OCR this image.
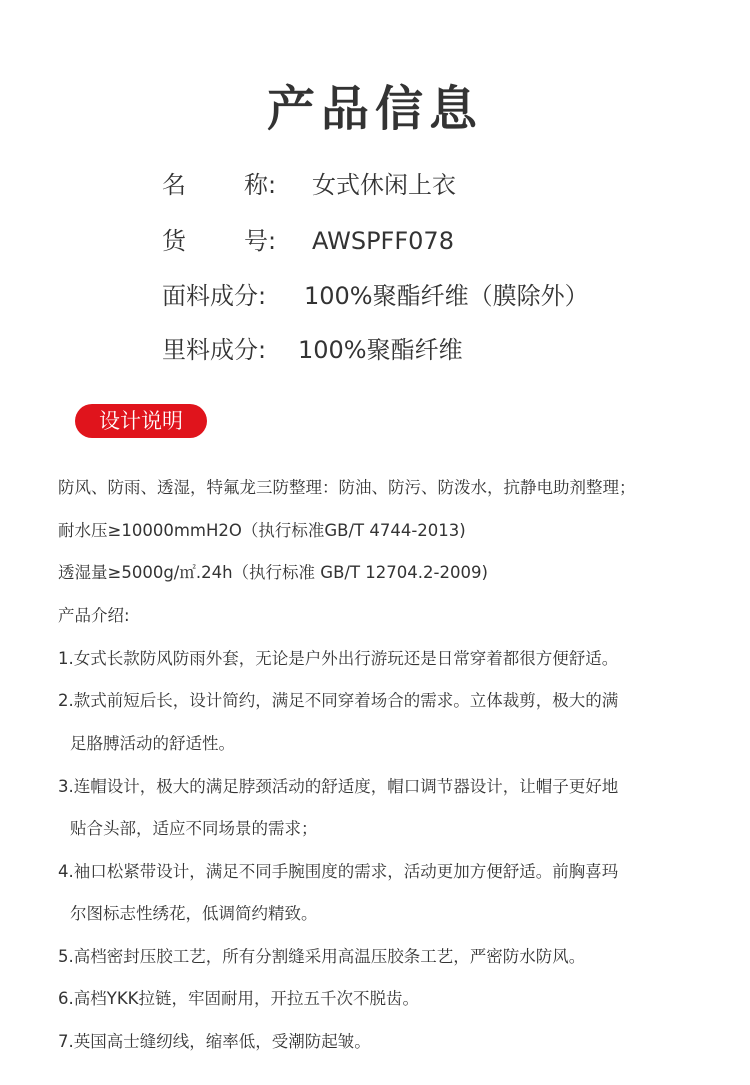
产品信息
名 称: 女式休闲上衣
货 号: AWSPFF078
面料成分: 100%聚酯纤维（膜除外）
里料成分: 100%聚酯纤维
设计说明
防风、防雨、透湿，特氟龙三防整理：防油、防污、防泼水，抗静电助剂整理；
耐水压≥10000mmH2O（执行标准GB/T 4744-2013)
透湿量≥5000g/㎡.24h（执行标准 GB/T 12704.2-2009)
产品介绍:
1.女式长款防风防雨外套，无论是户外出行游玩还是日常穿着都很方便舒适。
2.款式前短后长，设计简约，满足不同穿着场合的需求。立体裁剪，极大的满
足胳膊活动的舒适性。
3.连帽设计，极大的满足脖颈活动的舒适度，帽口调节器设计，让帽子更好地
贴合头部，适应不同场景的需求；
4.袖口松紧带设计，满足不同手腕围度的需求，活动更加方便舒适。前胸喜玛
尔图标志性绣花，低调简约精致。
5.高档密封压胶工艺，所有分割缝采用高温压胶条工艺，严密防水防风。
6.高档YKK拉链，牢固耐用，开拉五千次不脱齿。
7.英国高士缝纫线，缩率低，受潮防起皱。
